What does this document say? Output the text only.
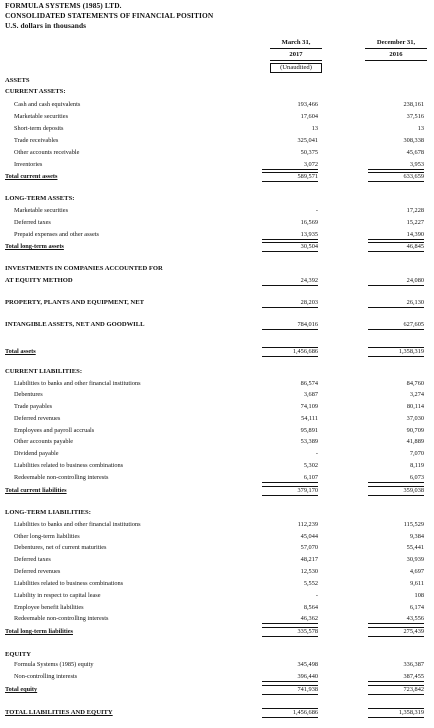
FORMULA SYSTEMS (1985) LTD.
CONSOLIDATED STATEMENTS OF FINANCIAL POSITION
U.S. dollars in thousands
March 31,
2017
(Unaudited)
December 31,
2016
ASSETS
CURRENT ASSETS:
Cash and cash equivalents	193,466	238,161
Marketable securities	17,604	37,516
Short-term deposits	13	13
Trade receivables	325,041	308,338
Other accounts receivable	50,375	45,678
Inventories	3,072	3,953
Total current assets	589,571	633,659
LONG-TERM ASSETS:
Marketable securities	-	17,228
Deferred taxes	16,569	15,227
Prepaid expenses and other assets	13,935	14,390
Total long-term assets	30,504	46,845
INVESTMENTS IN COMPANIES ACCOUNTED FOR
AT EQUITY METHOD	24,392	24,080
PROPERTY, PLANTS AND EQUIPMENT, NET	28,203	26,130
INTANGIBLE ASSETS, NET AND GOODWILL	784,016	627,605
Total assets	1,456,686	1,358,319
CURRENT LIABILITIES:
Liabilities to banks and other financial institutions	86,574	84,760
Debentures	3,687	3,274
Trade payables	74,109	80,114
Deferred revenues	54,111	37,030
Employees and payroll accruals	95,891	90,709
Other accounts payable	53,389	41,889
Dividend payable	-	7,070
Liabilities related to business combinations	5,302	8,119
Redeemable non-controlling interests	6,107	6,073
Total current liabilities	379,170	359,038
LONG-TERM LIABILITIES:
Liabilities to banks and other financial institutions	112,239	115,529
Other long-term liabilities	45,044	9,384
Debentures, net of current maturities	57,070	55,441
Deferred taxes	48,217	30,939
Deferred revenues	12,530	4,697
Liabilities related to business combinations	5,552	9,611
Liability in respect to capital lease	-	108
Employee benefit liabilities	8,564	6,174
Redeemable non-controlling interests	46,362	43,556
Total long-term liabilities	335,578	275,439
EQUITY
Formula Systems (1985) equity	345,498	336,387
Non-controlling interests	396,440	387,455
Total equity	741,938	723,842
TOTAL LIABILITIES AND EQUITY	1,456,686	1,358,319
